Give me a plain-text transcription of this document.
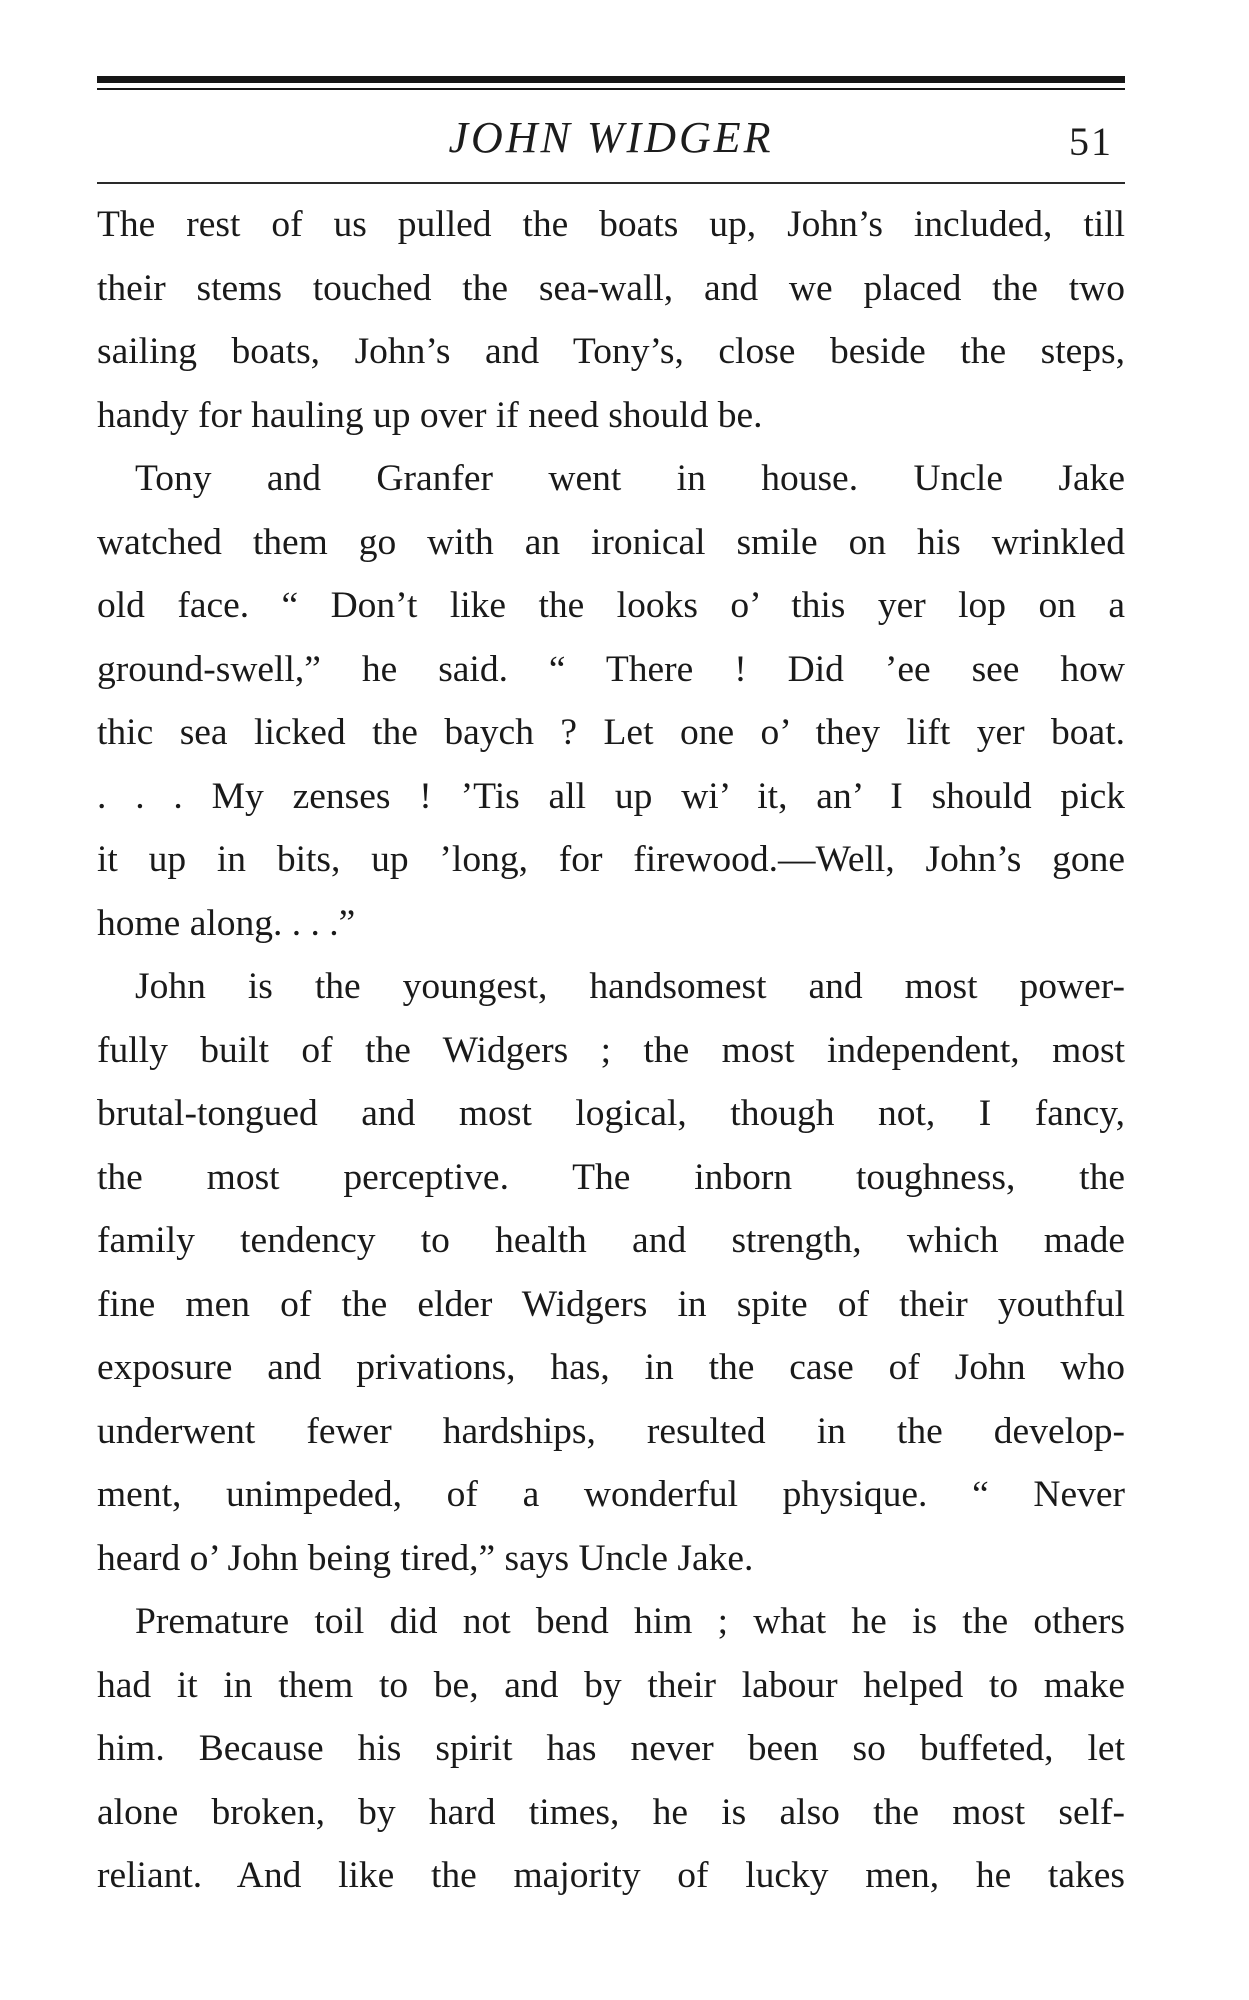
JOHN WIDGER	51

The rest of us pulled the boats up, John’s included, till
their stems touched the sea-wall, and we placed the two
sailing boats, John’s and Tony’s, close beside the steps,
handy for hauling up over if need should be.

Tony and Granfer went in house. Uncle Jake
watched them go with an ironical smile on his wrinkled
old face. “ Don’t like the looks o’ this yer lop on a
ground-swell,” he said. “ There ! Did ’ee see how
thic sea licked the baych ? Let one o’ they lift yer boat.
. . . My zenses ! ’Tis all up wi’ it, an’ I should pick
it up in bits, up ’long, for firewood.—Well, John’s gone
home along. . . .”

John is the youngest, handsomest and most power-
fully built of the Widgers ; the most independent, most
brutal-tongued and most logical, though not, I fancy,
the most perceptive. The inborn toughness, the
family tendency to health and strength, which made
fine men of the elder Widgers in spite of their youthful
exposure and privations, has, in the case of John who
underwent fewer hardships, resulted in the develop-
ment, unimpeded, of a wonderful physique. “ Never
heard o’ John being tired,” says Uncle Jake.

Premature toil did not bend him ; what he is the others
had it in them to be, and by their labour helped to make
him. Because his spirit has never been so buffeted, let
alone broken, by hard times, he is also the most self-
reliant. And like the majority of lucky men, he takes
